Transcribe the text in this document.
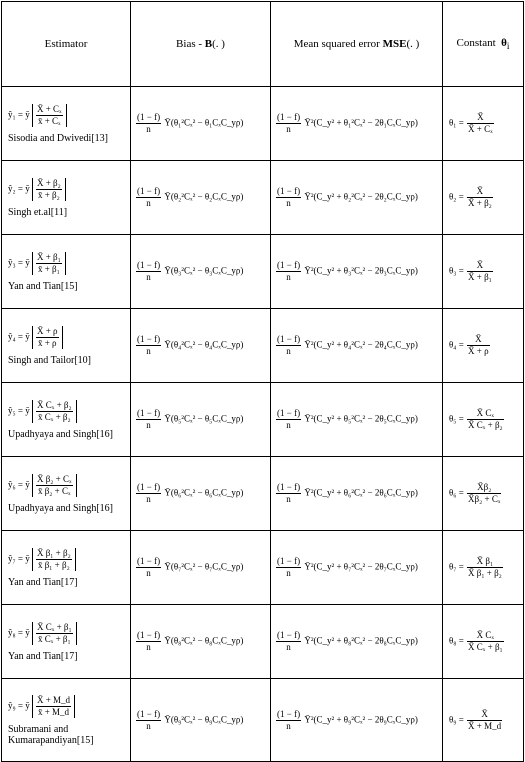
Estimator	Bias - B(. )	Mean squared error MSE(. )	Constant $\theta_i$

ŷ₁ = ȳ $\frac{\text{X̄ + Cₓ}}{\text{x̄ + Cₓ}}$
Sisodia and Dwivedi[13]	$\frac{(1 - f)}{n}$ Ȳ(θ₁²Cₓ² − θ₁CₓC_yρ)	$\frac{(1 - f)}{n}$ Ȳ²(C_y² + θ₁²Cₓ² − 2θ₁CₓC_yρ)	$\theta_1 = \frac{X̄}{\text{X̄ + Cₓ}}$

ŷ₂ = ȳ $\frac{\text{X̄ + β₂}}{\text{x̄ + β₂}}$
Singh et.al[11]	$\frac{(1 - f)}{n}$ Ȳ(θ₂²Cₓ² − θ₂CₓC_yρ)	$\frac{(1 - f)}{n}$ Ȳ²(C_y² + θ₂²Cₓ² − 2θ₂CₓC_yρ)	$\theta_2 = \frac{X̄}{\text{X̄ + β₂}}$

ŷ₃ = ȳ $\frac{\text{X̄ + β₁}}{\text{x̄ + β₁}}$
Yan and Tian[15]	$\frac{(1 - f)}{n}$ Ȳ(θ₃²Cₓ² − θ₃CₓC_yρ)	$\frac{(1 - f)}{n}$ Ȳ²(C_y² + θ₃²Cₓ² − 2θ₃CₓC_yρ)	$\theta_3 = \frac{X̄}{\text{X̄ + β₁}}$

ŷ₄ = ȳ $\frac{X̄ + \rho}{x̄ + \rho}$
Singh and Tailor[10]	$\frac{(1 - f)}{n}$ Ȳ(θ₄²Cₓ² − θ₄CₓC_yρ)	$\frac{(1 - f)}{n}$ Ȳ²(C_y² + θ₄²Cₓ² − 2θ₄CₓC_yρ)	$\theta_4 = \frac{X̄}{X̄ + \rho}$

ŷ₅ = ȳ $\frac{\text{X̄ Cₓ + β₂}}{\text{x̄ Cₓ + β₂}}$
Upadhyaya and Singh[16]	$\frac{(1 - f)}{n}$ Ȳ(θ₅²Cₓ² − θ₅CₓC_yρ)	$\frac{(1 - f)}{n}$ Ȳ²(C_y² + θ₅²Cₓ² − 2θ₅CₓC_yρ)	$\theta_5 = \frac{\text{X̄ Cₓ}}{\text{X̄ Cₓ + β₂}}$

ŷ₆ = ȳ $\frac{\text{X̄ β₂ + Cₓ}}{\text{x̄ β₂ + Cₓ}}$
Upadhyaya and Singh[16]	$\frac{(1 - f)}{n}$ Ȳ(θ₆²Cₓ² − θ₆CₓC_yρ)	$\frac{(1 - f)}{n}$ Ȳ²(C_y² + θ₆²Cₓ² − 2θ₆CₓC_yρ)	$\theta_6 = \frac{\text{X̄β₂}}{\text{X̄β₂ + Cₓ}}$

ŷ₇ = ȳ $\frac{\text{X̄ β₁ + β₂}}{\text{x̄ β₁ + β₂}}$
Yan and Tian[17]	$\frac{(1 - f)}{n}$ Ȳ(θ₇²Cₓ² − θ₇CₓC_yρ)	$\frac{(1 - f)}{n}$ Ȳ²(C_y² + θ₇²Cₓ² − 2θ₇CₓC_yρ)	$\theta_7 = \frac{\text{X̄ β₁}}{\text{X̄ β₁ + β₂}}$

ŷ₈ = ȳ $\frac{\text{X̄ Cₓ + β₁}}{\text{x̄ Cₓ + β₁}}$
Yan and Tian[17]	$\frac{(1 - f)}{n}$ Ȳ(θ₈²Cₓ² − θ₈CₓC_yρ)	$\frac{(1 - f)}{n}$ Ȳ²(C_y² + θ₈²Cₓ² − 2θ₈CₓC_yρ)	$\theta_8 = \frac{\text{X̄ Cₓ}}{\text{X̄ Cₓ + β₁}}$

ŷ₉ = ȳ $\frac{X̄ + M\_d}{x̄ + M\_d}$
Subramani and Kumarapandiyan[15]	$\frac{(1 - f)}{n}$ Ȳ(θ₉²Cₓ² − θ₉CₓC_yρ)	$\frac{(1 - f)}{n}$ Ȳ²(C_y² + θ₉²Cₓ² − 2θ₉CₓC_yρ)	$\theta_9 = \frac{X̄}{X̄ + M\_d}$
